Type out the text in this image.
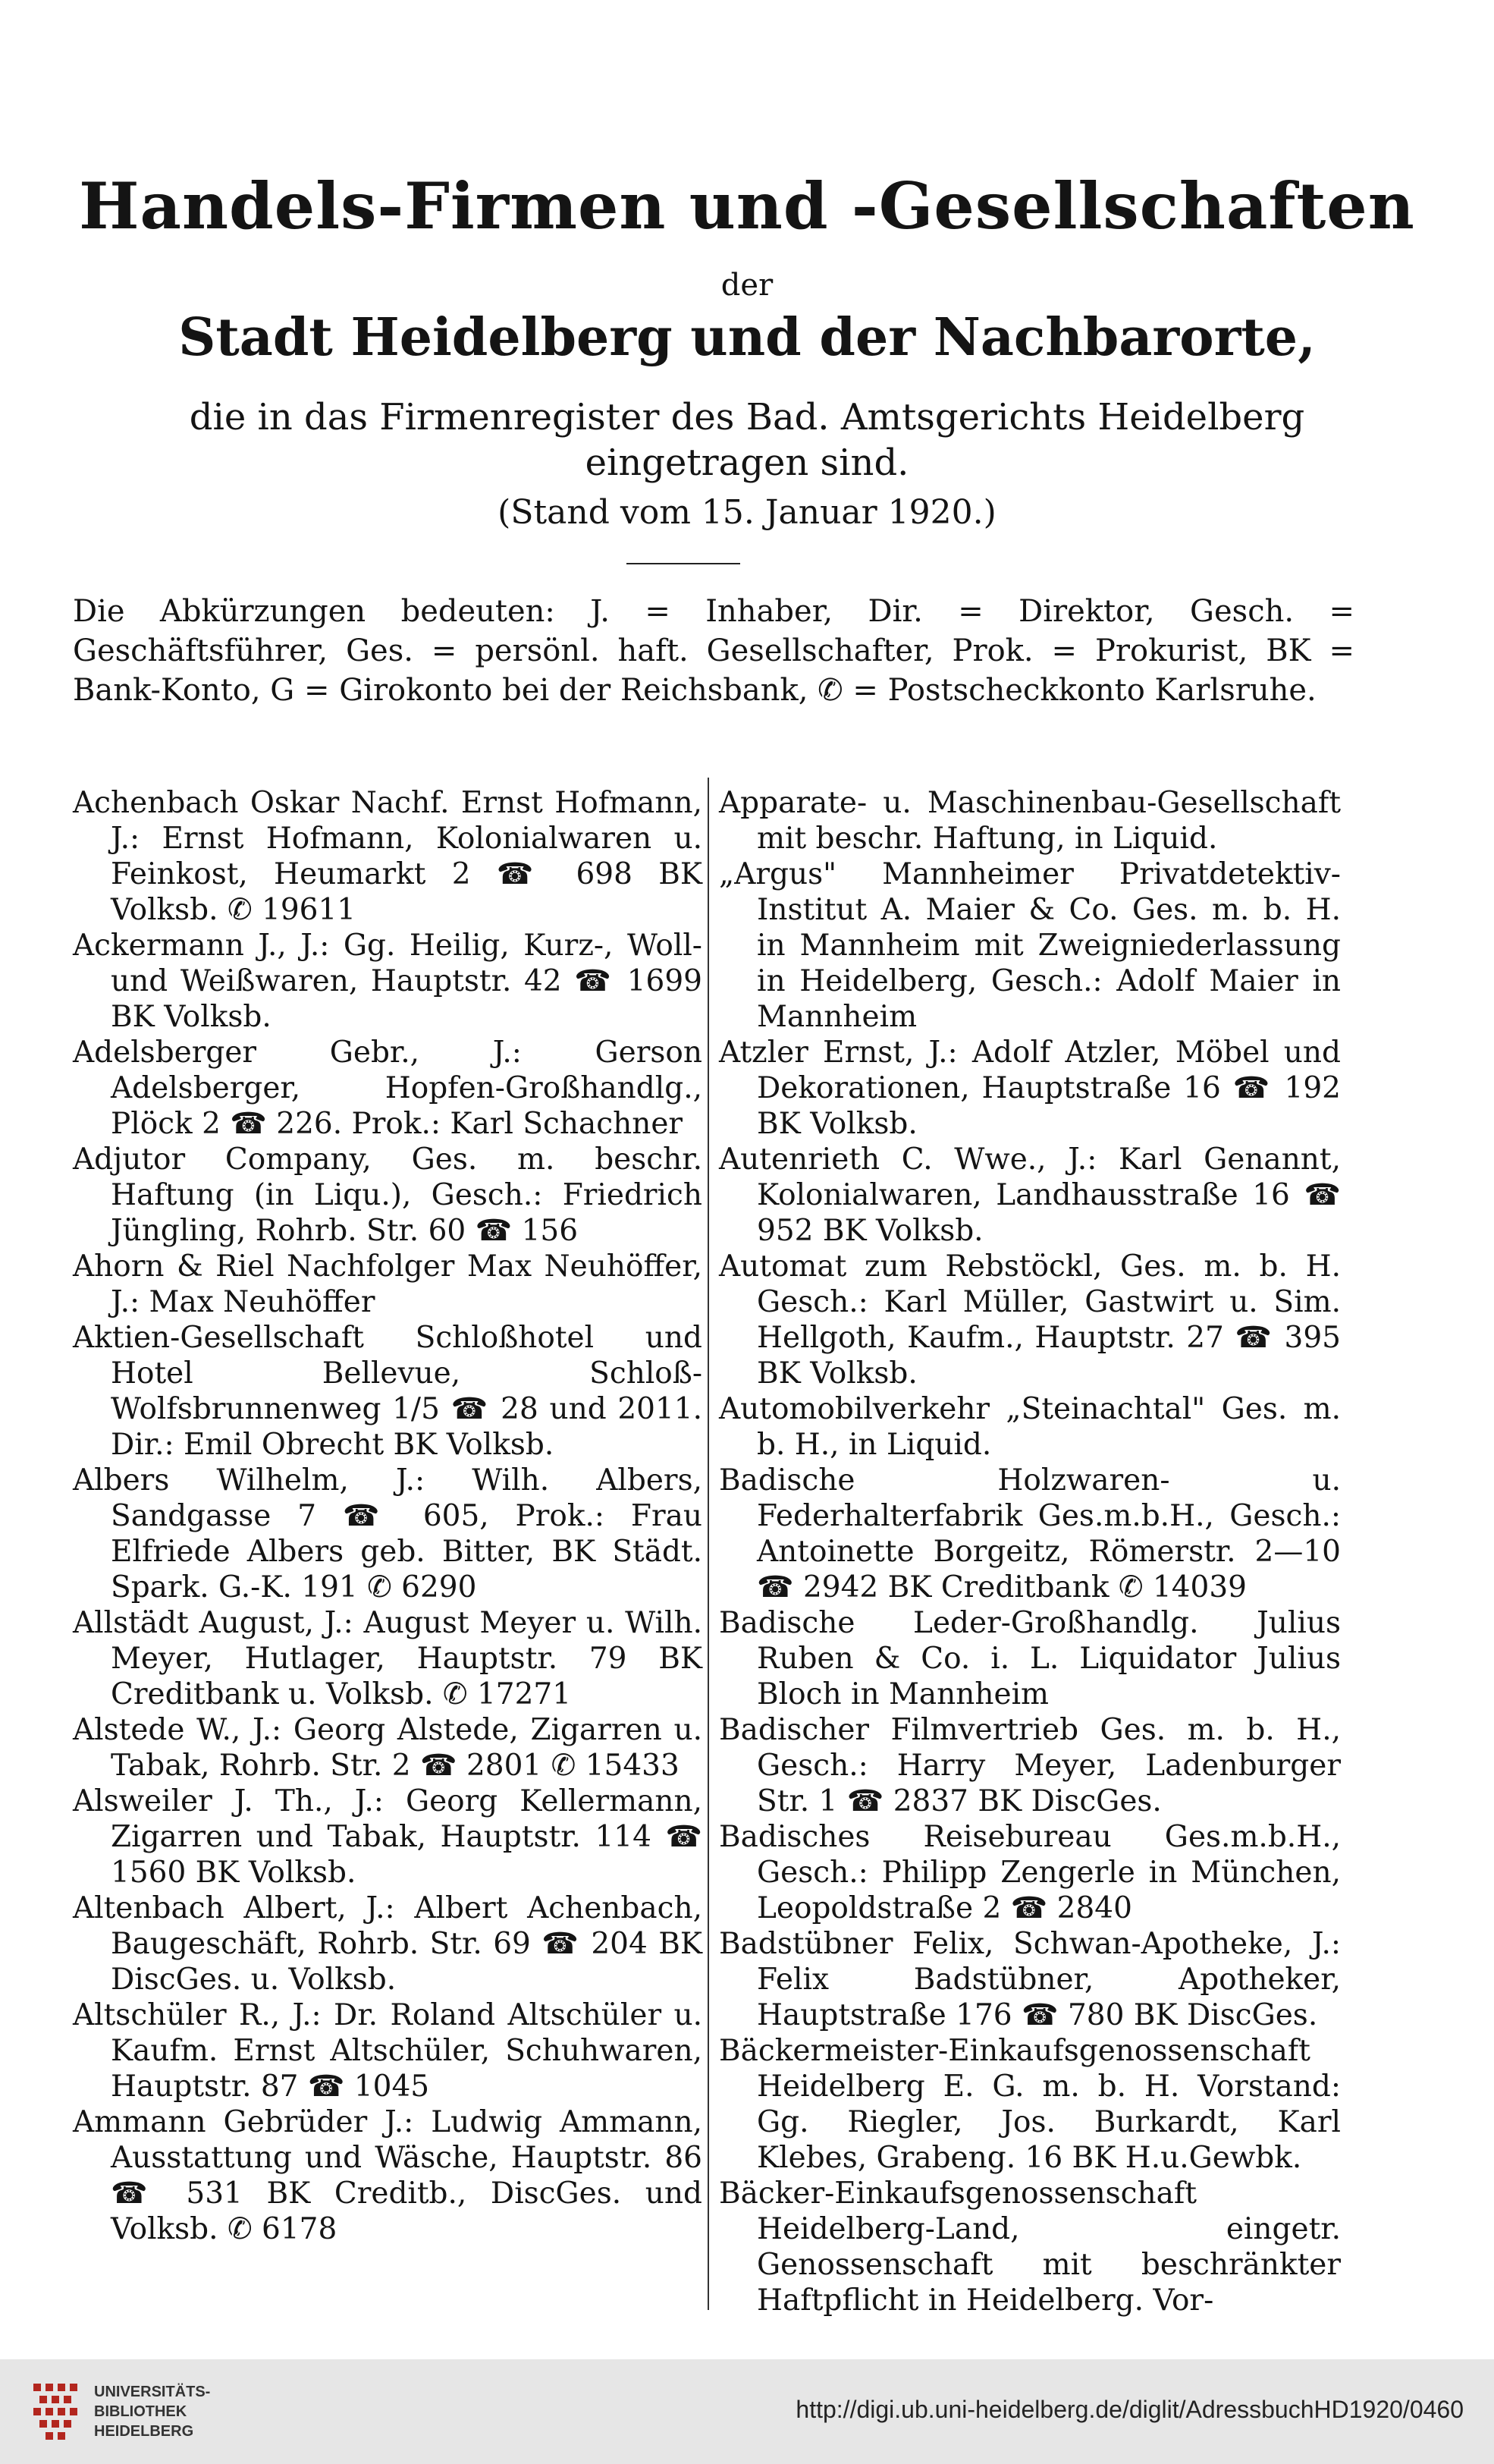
Handels-Firmen und -Gesellschaften
der
Stadt Heidelberg und der Nachbarorte,
die in das Firmenregister des Bad. Amtsgerichts Heidelberg eingetragen sind.
(Stand vom 15. Januar 1920.)
Die Abkürzungen bedeuten: J. = Inhaber, Dir. = Direktor, Gesch. = Geschäftsführer, Ges. = persönl. haft. Gesellschafter, Prok. = Prokurist, BK = Bank-Konto, G = Girokonto bei der Reichsbank, ✆ = Postscheckkonto Karlsruhe.

Achenbach Oskar Nachf. Ernst Hofmann, J.: Ernst Hofmann, Kolonialwaren u. Feinkost, Heumarkt 2 ☎ 698 BK Volksb. ✆ 19611

Ackermann J., J.: Gg. Heilig, Kurz-, Woll- und Weißwaren, Hauptstr. 42 ☎ 1699 BK Volksb.

Adelsberger Gebr., J.: Gerson Adelsberger, Hopfen-Großhandlg., Plöck 2 ☎ 226. Prok.: Karl Schachner

Adjutor Company, Ges. m. beschr. Haftung (in Liqu.), Gesch.: Friedrich Jüngling, Rohrb. Str. 60 ☎ 156

Ahorn & Riel Nachfolger Max Neuhöffer, J.: Max Neuhöffer

Aktien-Gesellschaft Schloßhotel und Hotel Bellevue, Schloß-Wolfsbrunnenweg 1/5 ☎ 28 und 2011. Dir.: Emil Obrecht BK Volksb.

Albers Wilhelm, J.: Wilh. Albers, Sandgasse 7 ☎ 605, Prok.: Frau Elfriede Albers geb. Bitter, BK Städt. Spark. G.-K. 191 ✆ 6290

Allstädt August, J.: August Meyer u. Wilh. Meyer, Hutlager, Hauptstr. 79 BK Creditbank u. Volksb. ✆ 17271

Alstede W., J.: Georg Alstede, Zigarren u. Tabak, Rohrb. Str. 2 ☎ 2801 ✆ 15433

Alsweiler J. Th., J.: Georg Kellermann, Zigarren und Tabak, Hauptstr. 114 ☎ 1560 BK Volksb.

Altenbach Albert, J.: Albert Achenbach, Baugeschäft, Rohrb. Str. 69 ☎ 204 BK DiscGes. u. Volksb.

Altschüler R., J.: Dr. Roland Altschüler u. Kaufm. Ernst Altschüler, Schuhwaren, Hauptstr. 87 ☎ 1045

Ammann Gebrüder J.: Ludwig Ammann, Ausstattung und Wäsche, Hauptstr. 86 ☎ 531 BK Creditb., DiscGes. und Volksb. ✆ 6178

Apparate- u. Maschinenbau-Gesellschaft mit beschr. Haftung, in Liquid.

„Argus" Mannheimer Privatdetektiv-Institut A. Maier & Co. Ges. m. b. H. in Mannheim mit Zweigniederlassung in Heidelberg, Gesch.: Adolf Maier in Mannheim

Atzler Ernst, J.: Adolf Atzler, Möbel und Dekorationen, Hauptstraße 16 ☎ 192 BK Volksb.

Autenrieth C. Wwe., J.: Karl Genannt, Kolonialwaren, Landhausstraße 16 ☎ 952 BK Volksb.

Automat zum Rebstöckl, Ges. m. b. H. Gesch.: Karl Müller, Gastwirt u. Sim. Hellgoth, Kaufm., Hauptstr. 27 ☎ 395 BK Volksb.

Automobilverkehr „Steinachtal" Ges. m. b. H., in Liquid.

Badische Holzwaren- u. Federhalterfabrik Ges.m.b.H., Gesch.: Antoinette Borgeitz, Römerstr. 2—10 ☎ 2942 BK Creditbank ✆ 14039

Badische Leder-Großhandlg. Julius Ruben & Co. i. L. Liquidator Julius Bloch in Mannheim

Badischer Filmvertrieb Ges. m. b. H., Gesch.: Harry Meyer, Ladenburger Str. 1 ☎ 2837 BK DiscGes.

Badisches Reisebureau Ges.m.b.H., Gesch.: Philipp Zengerle in München, Leopoldstraße 2 ☎ 2840

Badstübner Felix, Schwan-Apotheke, J.: Felix Badstübner, Apotheker, Hauptstraße 176 ☎ 780 BK DiscGes.

Bäckermeister-Einkaufsgenossenschaft Heidelberg E. G. m. b. H. Vorstand: Gg. Riegler, Jos. Burkardt, Karl Klebes, Grabeng. 16 BK H.u.Gewbk.

Bäcker-Einkaufsgenossenschaft Heidelberg-Land, eingetr. Genossenschaft mit beschränkter Haftpflicht in Heidelberg. Vor-

UNIVERSITÄTS-
BIBLIOTHEK
HEIDELBERG
http://digi.ub.uni-heidelberg.de/diglit/AdressbuchHD1920/0460
